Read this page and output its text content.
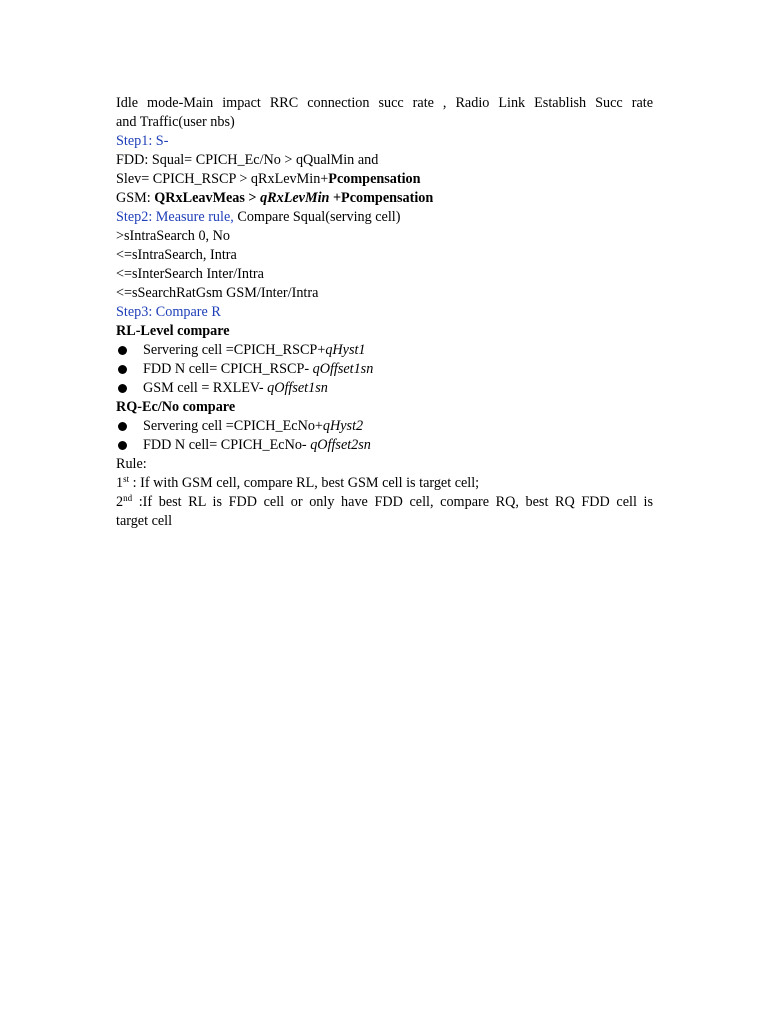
Idle mode-Main impact RRC connection succ rate , Radio Link Establish Succ rate
and Traffic(user nbs)
Step1: S-
FDD: Squal= CPICH_Ec/No > qQualMin and
Slev= CPICH_RSCP > qRxLevMin+Pcompensation
GSM: QRxLeavMeas > qRxLevMin +Pcompensation
Step2: Measure rule, Compare Squal(serving cell)
>sIntraSearch 0, No
<=sIntraSearch, Intra
<=sInterSearch Inter/Intra
<=sSearchRatGsm GSM/Inter/Intra
Step3: Compare R
RL-Level compare
Servering cell =CPICH_RSCP+qHyst1
FDD N cell= CPICH_RSCP- qOffset1sn
GSM cell = RXLEV- qOffset1sn
RQ-Ec/No compare
Servering cell =CPICH_EcNo+qHyst2
FDD N cell= CPICH_EcNo- qOffset2sn
Rule:
1st : If with GSM cell, compare RL, best GSM cell is target cell;
2nd :If best RL is FDD cell or only have FDD cell, compare RQ, best RQ FDD cell is
target cell
